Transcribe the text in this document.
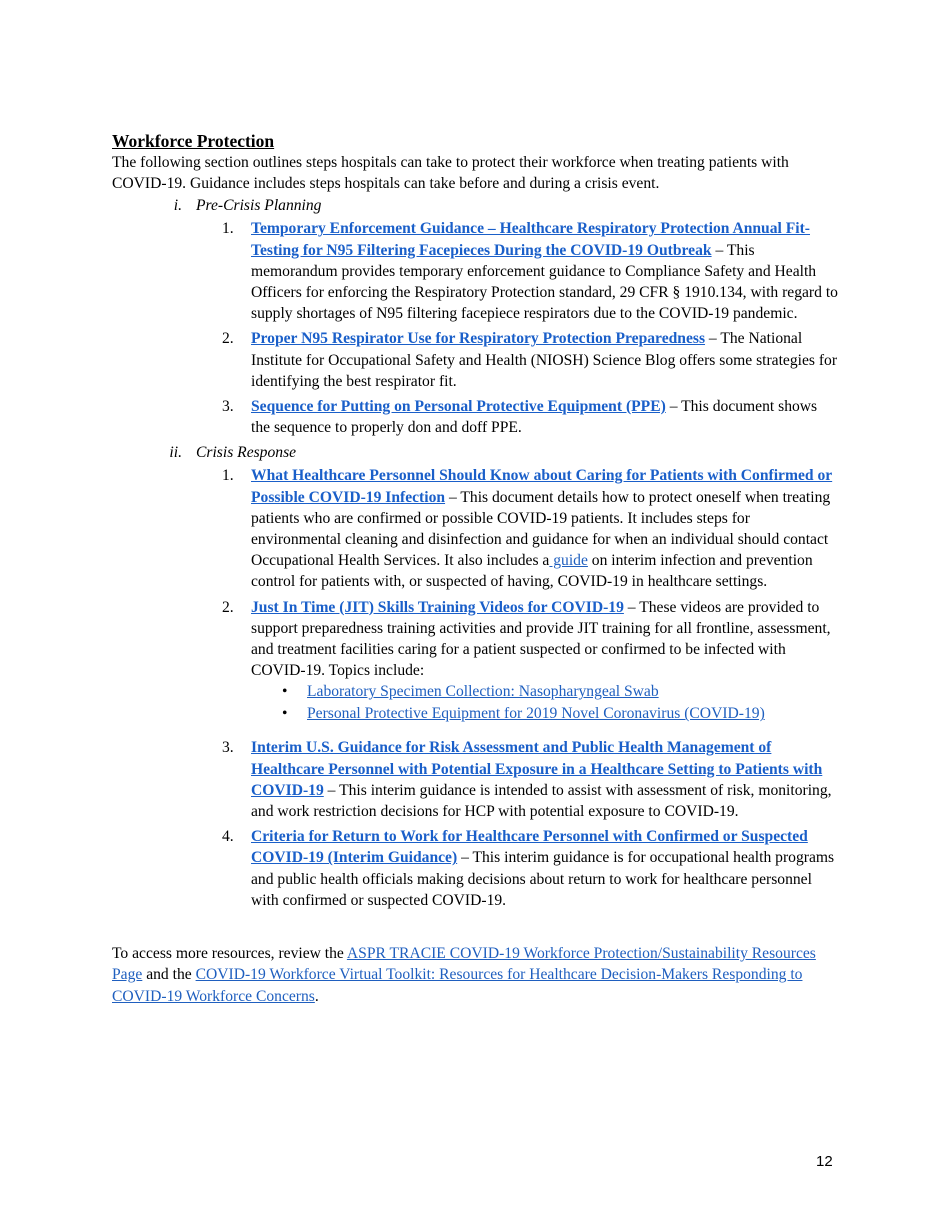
Workforce Protection

The following section outlines steps hospitals can take to protect their workforce when treating patients with COVID-19. Guidance includes steps hospitals can take before and during a crisis event.

i. Pre-Crisis Planning
1.	Temporary Enforcement Guidance – Healthcare Respiratory Protection Annual Fit-Testing for N95 Filtering Facepieces During the COVID-19 Outbreak – This memorandum provides temporary enforcement guidance to Compliance Safety and Health Officers for enforcing the Respiratory Protection standard, 29 CFR § 1910.134, with regard to supply shortages of N95 filtering facepiece respirators due to the COVID-19 pandemic.
2.	Proper N95 Respirator Use for Respiratory Protection Preparedness – The National Institute for Occupational Safety and Health (NIOSH) Science Blog offers some strategies for identifying the best respirator fit.
3.	Sequence for Putting on Personal Protective Equipment (PPE) – This document shows the sequence to properly don and doff PPE.
ii. Crisis Response
1.	What Healthcare Personnel Should Know about Caring for Patients with Confirmed or Possible COVID-19 Infection – This document details how to protect oneself when treating patients who are confirmed or possible COVID-19 patients. It includes steps for environmental cleaning and disinfection and guidance for when an individual should contact Occupational Health Services. It also includes a guide on interim infection and prevention control for patients with, or suspected of having, COVID-19 in healthcare settings.
2.	Just In Time (JIT) Skills Training Videos for COVID-19 – These videos are provided to support preparedness training activities and provide JIT training for all frontline, assessment, and treatment facilities caring for a patient suspected or confirmed to be infected with COVID-19. Topics include:
• Laboratory Specimen Collection: Nasopharyngeal Swab
• Personal Protective Equipment for 2019 Novel Coronavirus (COVID-19)
3.	Interim U.S. Guidance for Risk Assessment and Public Health Management of Healthcare Personnel with Potential Exposure in a Healthcare Setting to Patients with COVID-19 – This interim guidance is intended to assist with assessment of risk, monitoring, and work restriction decisions for HCP with potential exposure to COVID-19.
4.	Criteria for Return to Work for Healthcare Personnel with Confirmed or Suspected COVID-19 (Interim Guidance) – This interim guidance is for occupational health programs and public health officials making decisions about return to work for healthcare personnel with confirmed or suspected COVID-19.

To access more resources, review the ASPR TRACIE COVID-19 Workforce Protection/Sustainability Resources Page and the COVID-19 Workforce Virtual Toolkit: Resources for Healthcare Decision-Makers Responding to COVID-19 Workforce Concerns.

12
